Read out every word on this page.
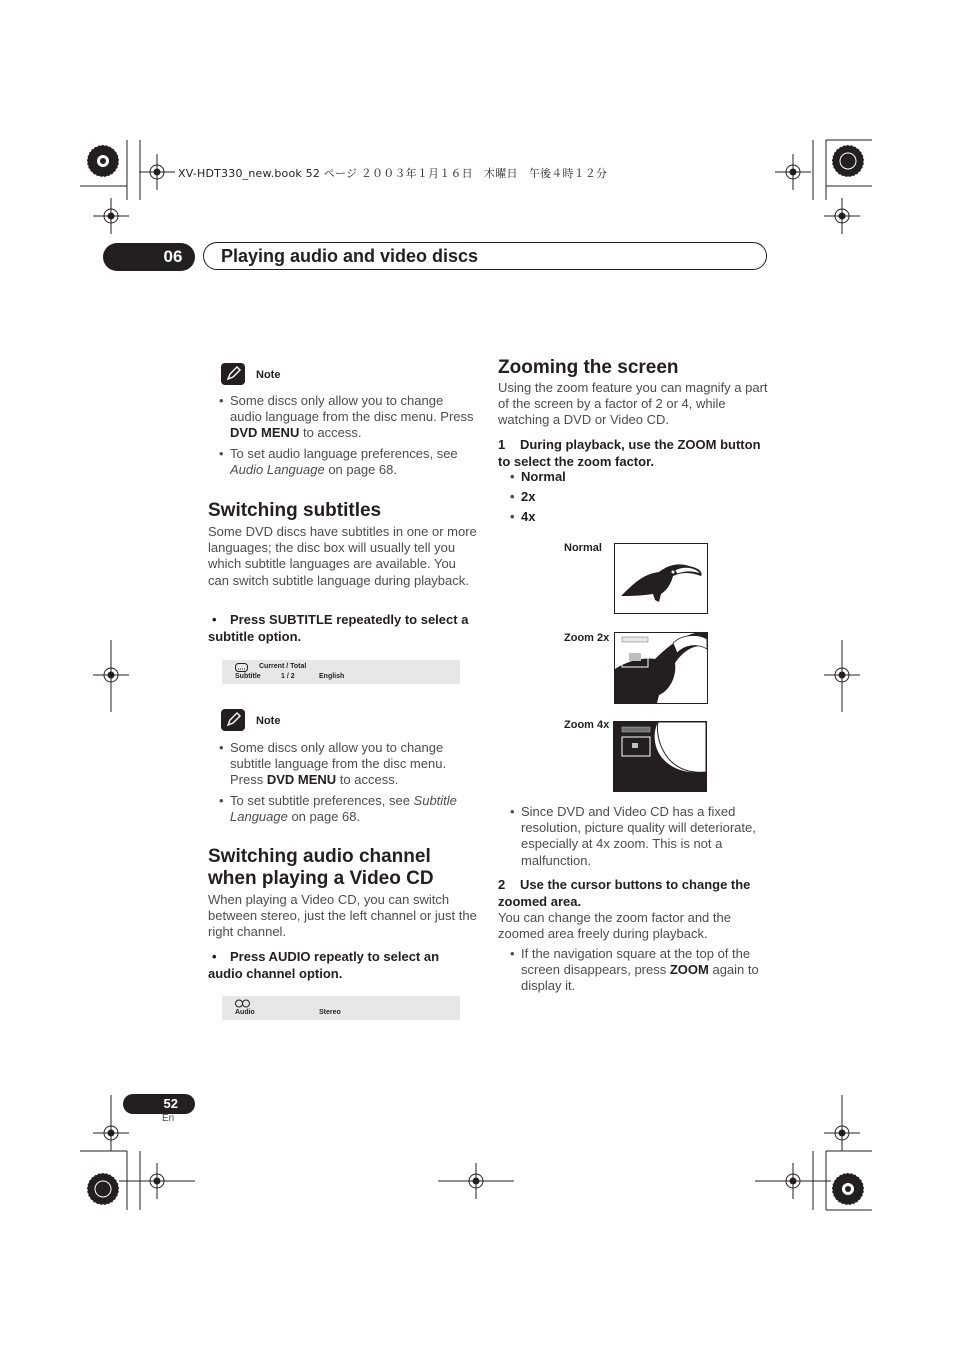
XV-HDT330_new.book 52 ページ ２００３年１月１６日　木曜日　午後４時１２分
06	Playing audio and video discs
Note
• Some discs only allow you to change audio language from the disc menu. Press DVD MENU to access.
• To set audio language preferences, see Audio Language on page 68.
Switching subtitles
Some DVD discs have subtitles in one or more languages; the disc box will usually tell you which subtitle languages are available. You can switch subtitle language during playback.
• Press SUBTITLE repeatedly to select a subtitle option.
Current / Total
Subtitle	1 / 2	English
Note
• Some discs only allow you to change subtitle language from the disc menu. Press DVD MENU to access.
• To set subtitle preferences, see Subtitle Language on page 68.
Switching audio channel
when playing a Video CD
When playing a Video CD, you can switch between stereo, just the left channel or just the right channel.
• Press AUDIO repeatly to select an audio channel option.
Audio	Stereo
Zooming the screen
Using the zoom feature you can magnify a part of the screen by a factor of 2 or 4, while watching a DVD or Video CD.
1 During playback, use the ZOOM button to select the zoom factor.
• Normal
• 2x
• 4x
Normal
Zoom 2x
Zoom 4x
• Since DVD and Video CD has a fixed resolution, picture quality will deteriorate, especially at 4x zoom. This is not a malfunction.
2 Use the cursor buttons to change the zoomed area.
You can change the zoom factor and the zoomed area freely during playback.
• If the navigation square at the top of the screen disappears, press ZOOM again to display it.
52
En
